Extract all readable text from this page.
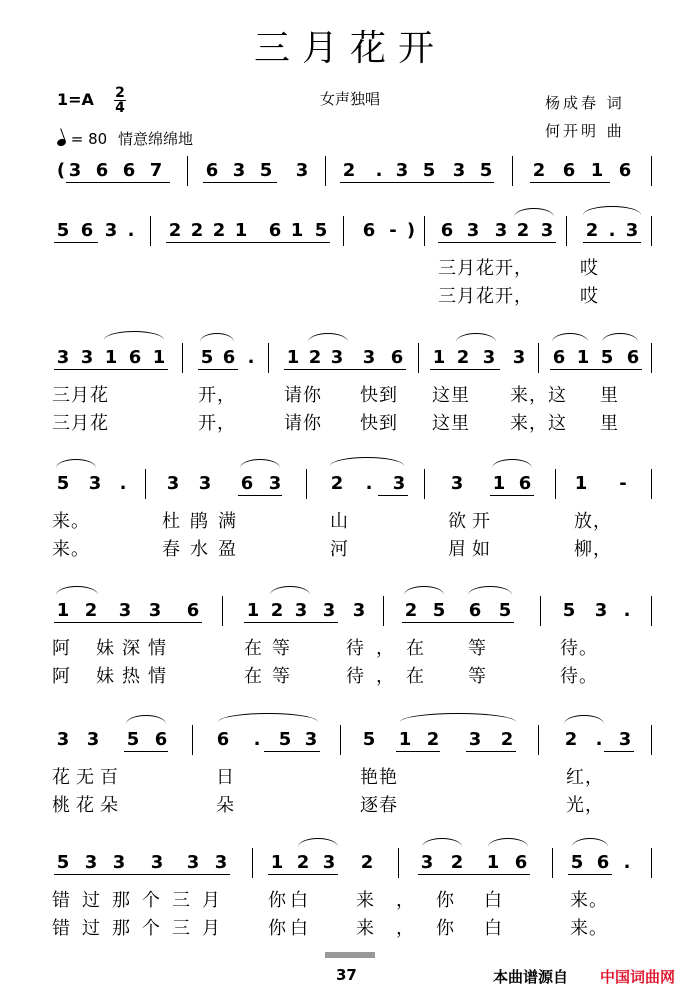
三月花开
1=A 2
4	女声独唱	杨成春 词
何开明 曲
= 80 情意绵绵地
( 3 6 6 7 6 3 5 3 2 . 3 5 3 5 2 6 1 6
5 6 3 . 2 2 2 1 6 1 5 6 - ) 6 3 3 2 3 2 . 3
三月花开，	哎
三月花开，	哎
3 3 1 6 1 5 6 . 1 2 3 3 6 1 2 3 3 6 1 5 6
三月花	开，	请你 快到 这里 来，这 里
三月花	开，	请你 快到 这里 来，这 里
5 3 . 3 3 6 3	2 . 3	3 1 6 1 -
来。	杜鹃满	山	欲开	放，
来。	春水盈	河	眉如	柳，
1 2 3 3 6	1 2 3 3 3 2 5 6 5	5 3 .
阿 妹深情	在等	待，在 等	待。
阿 妹热情	在等	待，在 等	待。
3 3 5 6	6 . 5 3	5 1 2 3 2	2 . 3
花无百	日	艳艳	红，
桃花朵	朵	逐春	光，
5 3 3 3 3 3 1 2 3 2	3 2 1 6 5 6 .
错过那个三月 你白 来，你 白	来。
错过那个三月 你白 来，你 白	来。
37	本曲谱源自 中国词曲网
